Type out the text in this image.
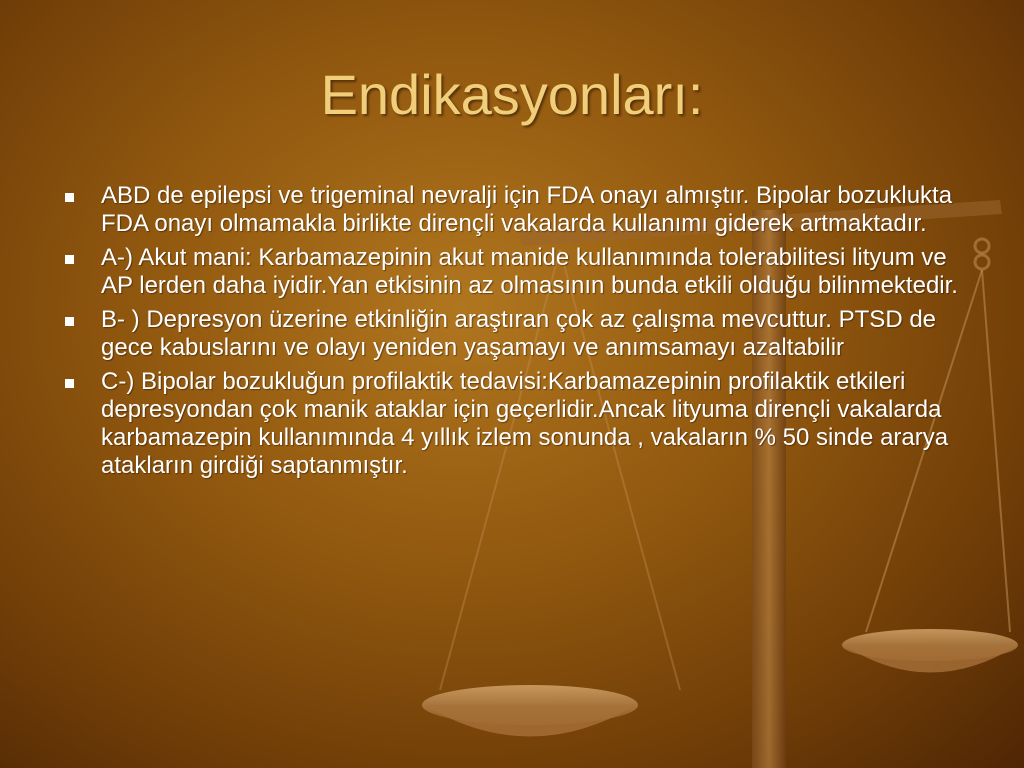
Endikasyonları:
ABD de epilepsi ve trigeminal nevralji için FDA onayı almıştır. Bipolar bozuklukta FDA onayı olmamakla birlikte dirençli vakalarda kullanımı giderek artmaktadır.
A-) Akut mani: Karbamazepinin akut manide kullanımında tolerabilitesi lityum ve AP lerden daha iyidir.Yan etkisinin az olmasının bunda etkili olduğu bilinmektedir.
B- ) Depresyon üzerine etkinliğin araştıran çok az çalışma mevcuttur. PTSD de gece kabuslarını ve olayı yeniden yaşamayı ve anımsamayı azaltabilir
C-) Bipolar bozukluğun profilaktik tedavisi:Karbamazepinin profilaktik etkileri depresyondan çok manik ataklar için geçerlidir.Ancak lityuma dirençli vakalarda karbamazepin kullanımında 4 yıllık izlem sonunda , vakaların % 50 sinde ararya atakların girdiği saptanmıştır.
